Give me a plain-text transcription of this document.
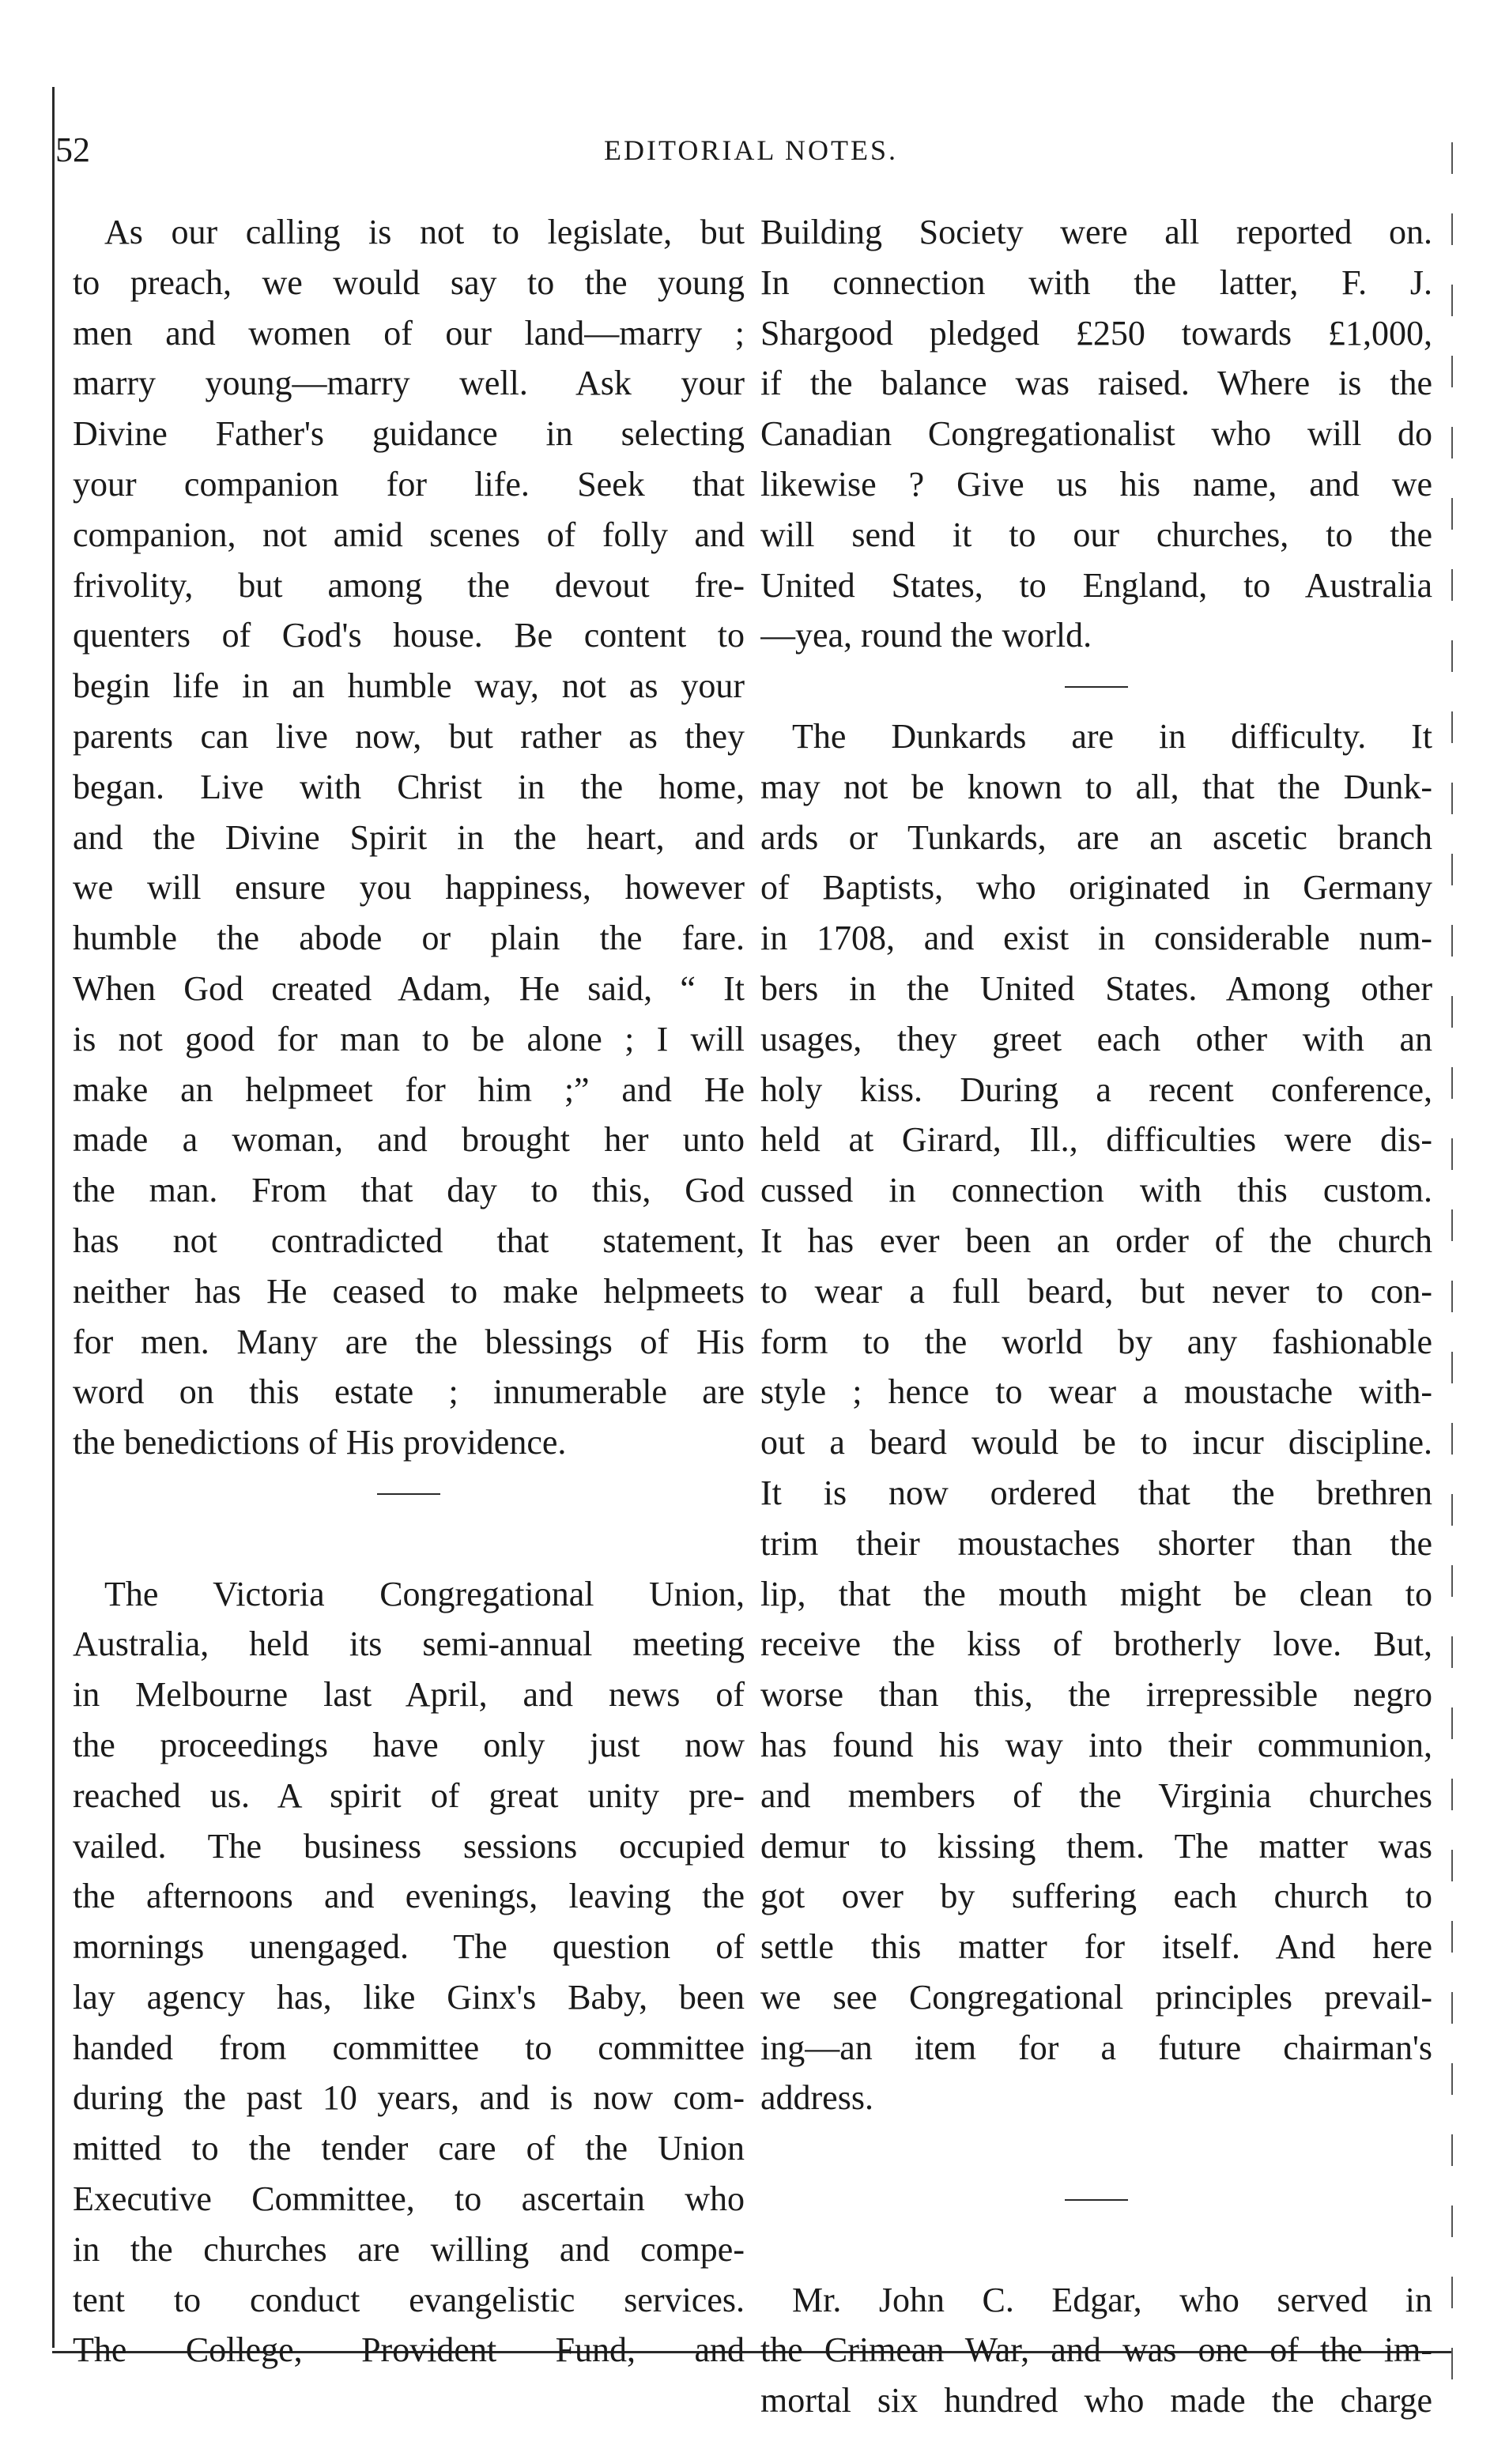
52	EDITORIAL NOTES.
As our calling is not to legislate, but
to preach, we would say to the young
men and women of our land—marry ;
marry young—marry well. Ask your
Divine Father's guidance in selecting
your companion for life. Seek that
companion, not amid scenes of folly and
frivolity, but among the devout fre-
quenters of God's house. Be content to
begin life in an humble way, not as your
parents can live now, but rather as they
began. Live with Christ in the home,
and the Divine Spirit in the heart, and
we will ensure you happiness, however
humble the abode or plain the fare.
When God created Adam, He said, “ It
is not good for man to be alone ; I will
make an helpmeet for him ;” and He
made a woman, and brought her unto
the man. From that day to this, God
has not contradicted that statement,
neither has He ceased to make helpmeets
for men. Many are the blessings of His
word on this estate ; innumerable are
the benedictions of His providence.
The Victoria Congregational Union,
Australia, held its semi-annual meeting
in Melbourne last April, and news of
the proceedings have only just now
reached us. A spirit of great unity pre-
vailed. The business sessions occupied
the afternoons and evenings, leaving the
mornings unengaged. The question of
lay agency has, like Ginx's Baby, been
handed from committee to committee
during the past 10 years, and is now com-
mitted to the tender care of the Union
Executive Committee, to ascertain who
in the churches are willing and compe-
tent to conduct evangelistic services.
The College, Provident Fund, and
Building Society were all reported on.
In connection with the latter, F. J.
Shargood pledged £250 towards £1,000,
if the balance was raised. Where is the
Canadian Congregationalist who will do
likewise ? Give us his name, and we
will send it to our churches, to the
United States, to England, to Australia
—yea, round the world.
The Dunkards are in difficulty. It
may not be known to all, that the Dunk-
ards or Tunkards, are an ascetic branch
of Baptists, who originated in Germany
in 1708, and exist in considerable num-
bers in the United States. Among other
usages, they greet each other with an
holy kiss. During a recent conference,
held at Girard, Ill., difficulties were dis-
cussed in connection with this custom.
It has ever been an order of the church
to wear a full beard, but never to con-
form to the world by any fashionable
style ; hence to wear a moustache with-
out a beard would be to incur discipline.
It is now ordered that the brethren
trim their moustaches shorter than the
lip, that the mouth might be clean to
receive the kiss of brotherly love. But,
worse than this, the irrepressible negro
has found his way into their communion,
and members of the Virginia churches
demur to kissing them. The matter was
got over by suffering each church to
settle this matter for itself. And here
we see Congregational principles prevail-
ing—an item for a future chairman's
address.
Mr. John C. Edgar, who served in
the Crimean War, and was one of the im-
mortal six hundred who made the charge
